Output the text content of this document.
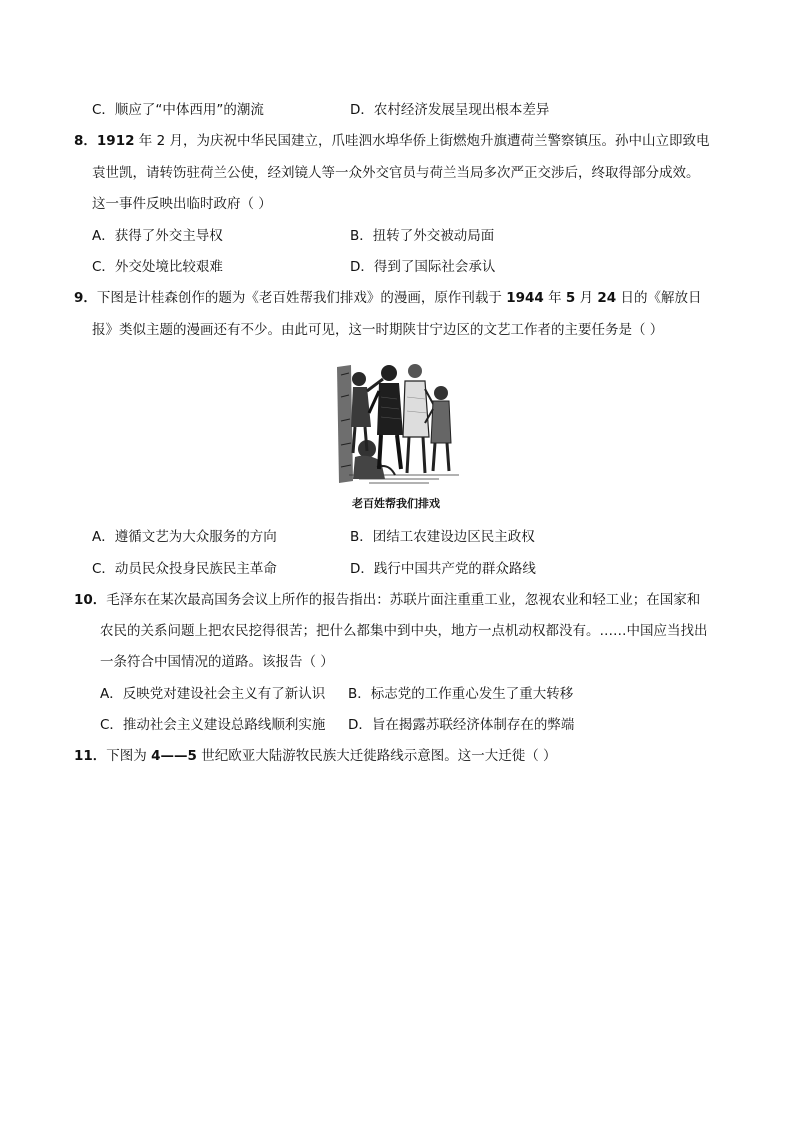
C．顺应了“中体西用”的潮流	D．农村经济发展呈现出根本差异
8．1912 年 2 月，为庆祝中华民国建立，爪哇泗水埠华侨上街燃炮升旗遭荷兰警察镇压。孙中山立即致电
袁世凯，请转饬驻荷兰公使，经刘镜人等一众外交官员与荷兰当局多次严正交涉后，终取得部分成效。
这一事件反映出临时政府（ ）
A．获得了外交主导权	B．扭转了外交被动局面
C．外交处境比较艰难	D．得到了国际社会承认
9．下图是计桂森创作的题为《老百姓帮我们排戏》的漫画，原作刊载于 1944 年 5 月 24 日的《解放日
报》类似主题的漫画还有不少。由此可见，这一时期陕甘宁边区的文艺工作者的主要任务是（ ）
老百姓帮我们排戏
A．遵循文艺为大众服务的方向	B．团结工农建设边区民主政权
C．动员民众投身民族民主革命	D．践行中国共产党的群众路线
10．毛泽东在某次最高国务会议上所作的报告指出：苏联片面注重重工业，忽视农业和轻工业；在国家和
农民的关系问题上把农民挖得很苦；把什么都集中到中央，地方一点机动权都没有。……中国应当找出
一条符合中国情况的道路。该报告（ ）
A．反映党对建设社会主义有了新认识 B．标志党的工作重心发生了重大转移
C．推动社会主义建设总路线顺利实施 D．旨在揭露苏联经济体制存在的弊端
11．下图为 4——5 世纪欧亚大陆游牧民族大迁徙路线示意图。这一大迁徙（ ）
